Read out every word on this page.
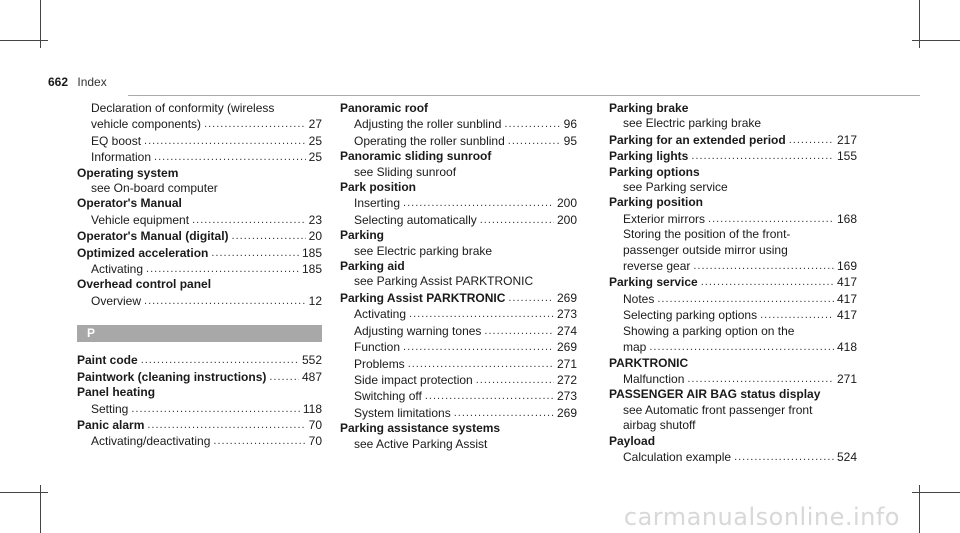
662 Index
Declaration of conformity (wireless
vehicle components) .....	27
EQ boost .....	25
Information .....	25
Operating system
see On-board computer
Operator's Manual
Vehicle equipment .....	23
Operator's Manual (digital) .....	20
Optimized acceleration .....	185
Activating .....	185
Overhead control panel
Overview .....	12
P
Paint code .....	552
Paintwork (cleaning instructions) .....	487
Panel heating
Setting .....	118
Panic alarm .....	70
Activating/deactivating .....	70
Panoramic roof
Adjusting the roller sunblind .....	96
Operating the roller sunblind .....	95
Panoramic sliding sunroof
see Sliding sunroof
Park position
Inserting .....	200
Selecting automatically .....	200
Parking
see Electric parking brake
Parking aid
see Parking Assist PARKTRONIC
Parking Assist PARKTRONIC .....	269
Activating .....	273
Adjusting warning tones .....	274
Function .....	269
Problems .....	271
Side impact protection .....	272
Switching off .....	273
System limitations .....	269
Parking assistance systems
see Active Parking Assist
Parking brake
see Electric parking brake
Parking for an extended period .....	217
Parking lights .....	155
Parking options
see Parking service
Parking position
Exterior mirrors .....	168
Storing the position of the front-
passenger outside mirror using
reverse gear .....	169
Parking service .....	417
Notes .....	417
Selecting parking options .....	417
Showing a parking option on the
map .....	418
PARKTRONIC
Malfunction .....	271
PASSENGER AIR BAG status display
see Automatic front passenger front
airbag shutoff
Payload
Calculation example .....	524
carmanualsonline.info
